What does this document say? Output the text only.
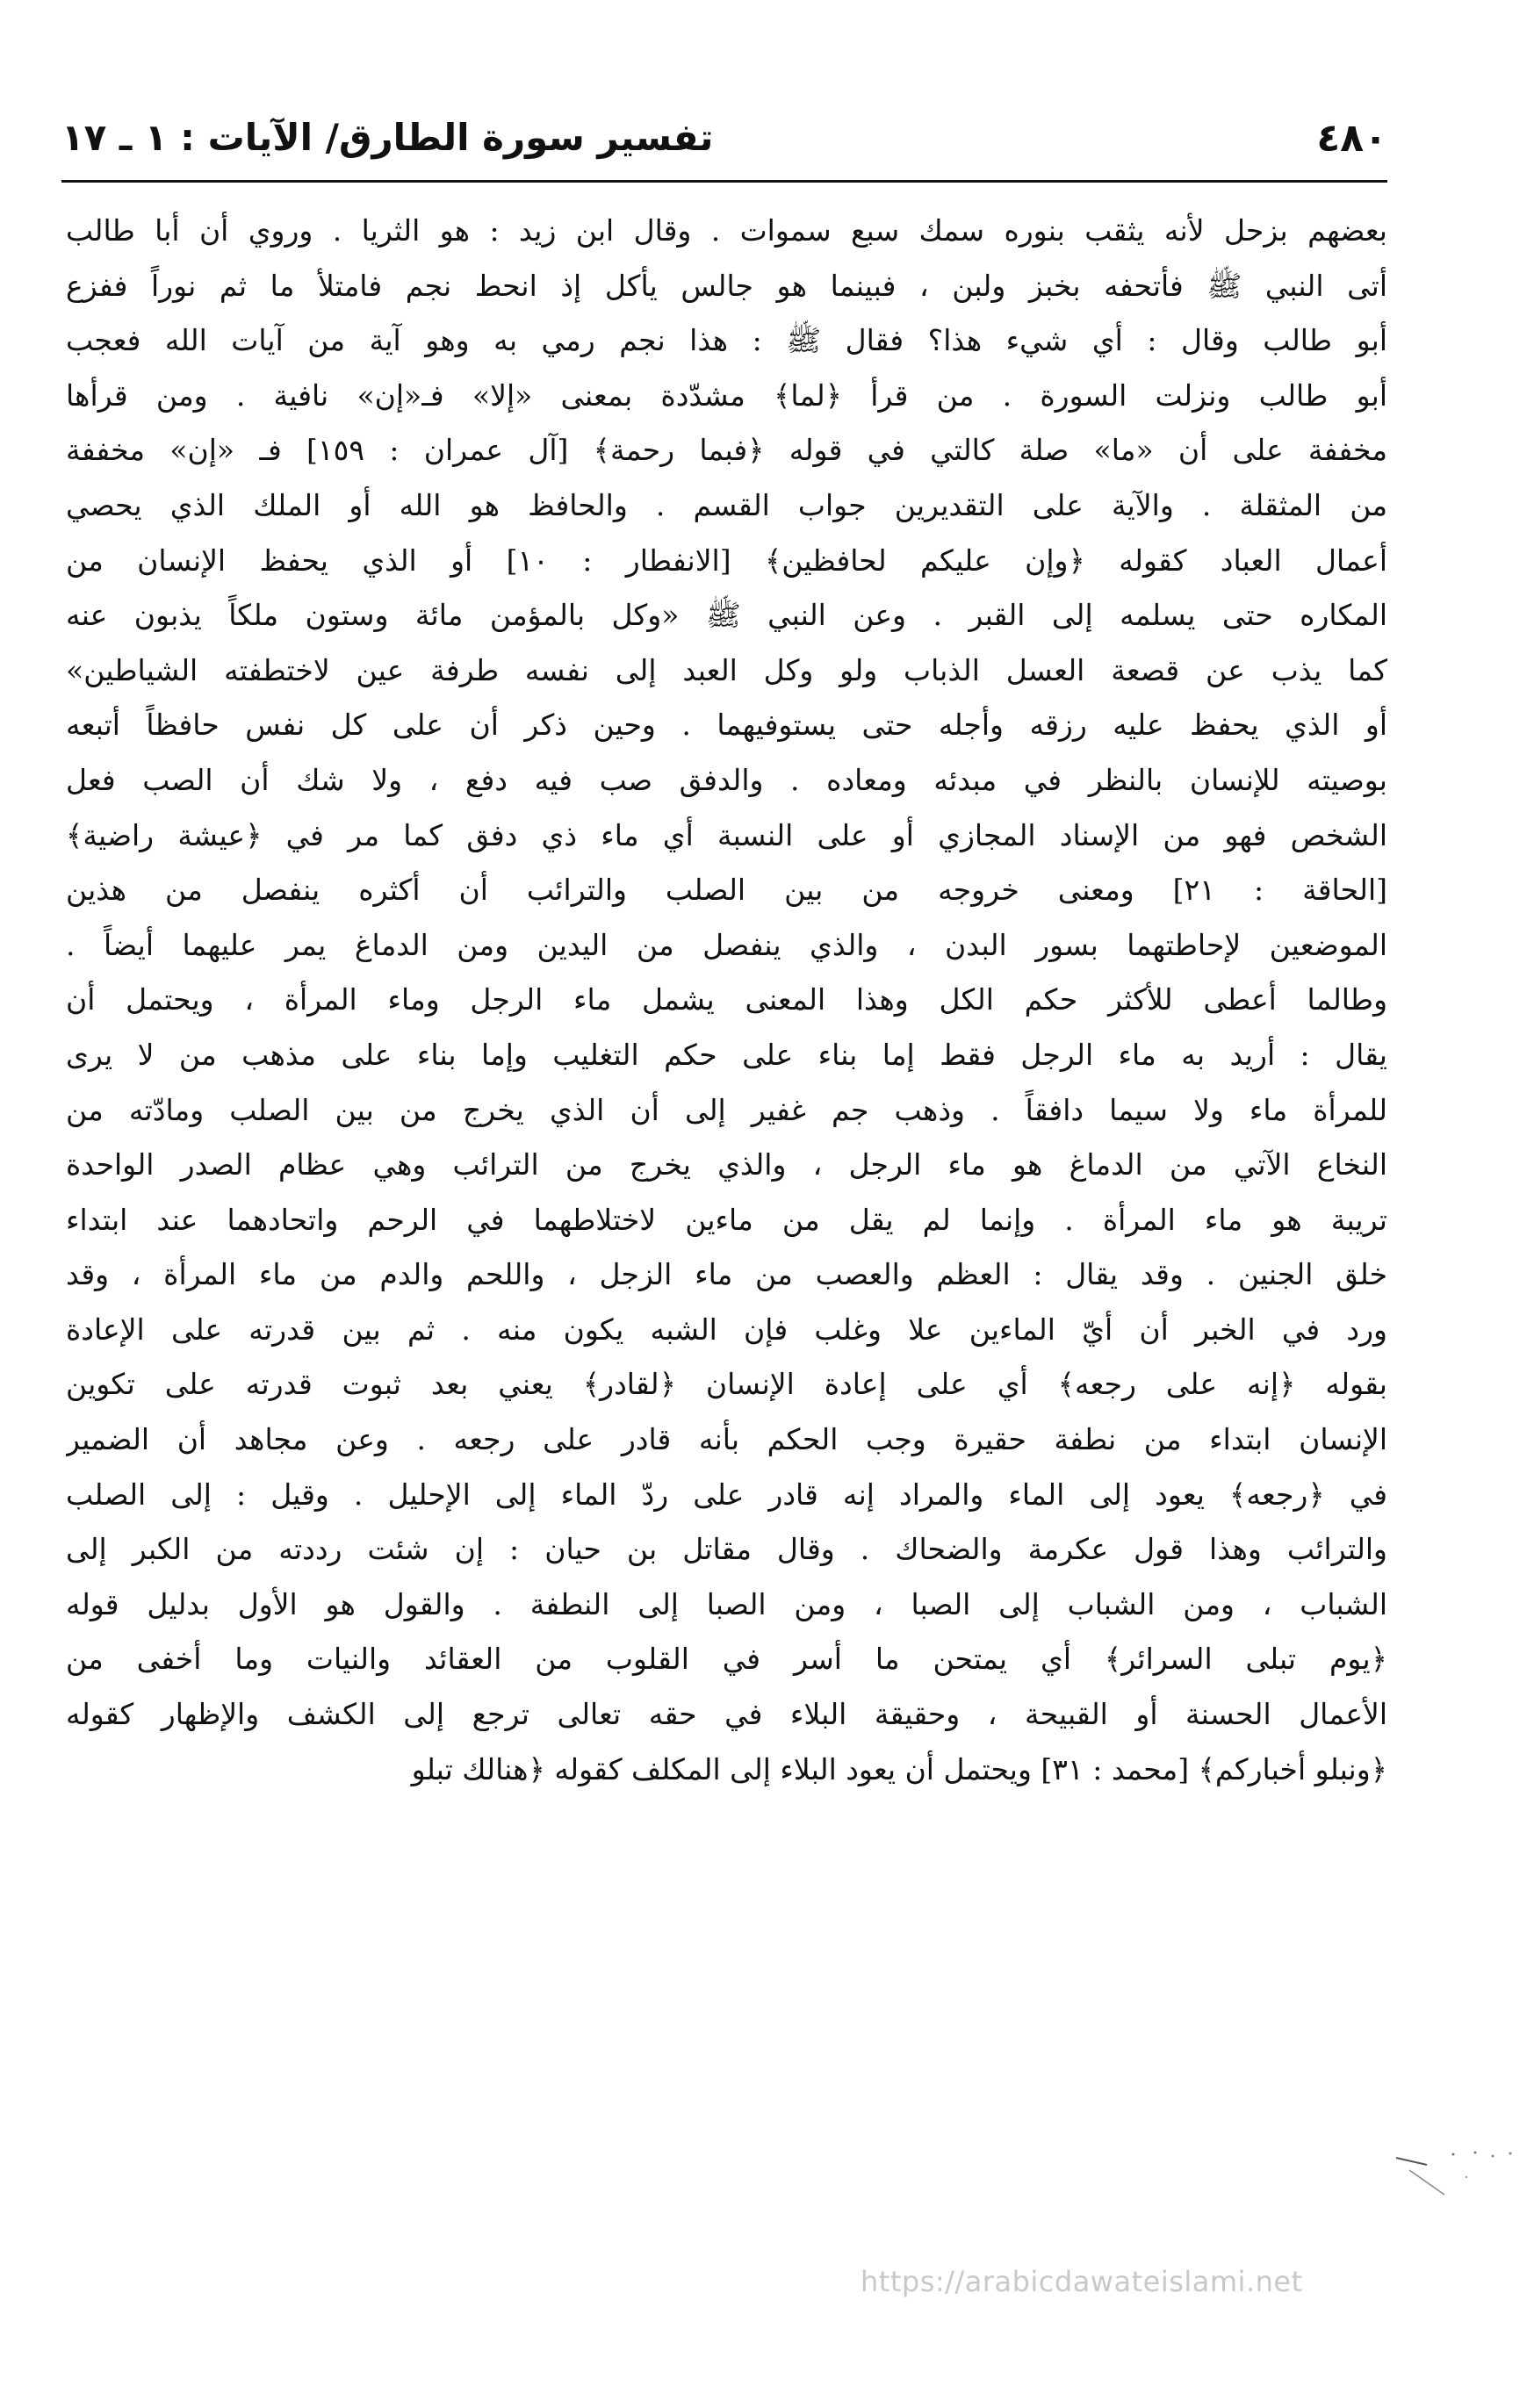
٤٨٠
تفسير سورة الطارق/ الآيات : ١ ـ ١٧
بعضهم بزحل لأنه يثقب بنوره سمك سبع سموات . وقال ابن زيد : هو الثريا . وروي أن أبا طالب
أتى النبي ﷺ فأتحفه بخبز ولبن ، فبينما هو جالس يأكل إذ انحط نجم فامتلأ ما ثم نوراً ففزع
أبو طالب وقال : أي شيء هذا؟ فقال ﷺ : هذا نجم رمي به وهو آية من آيات الله فعجب
أبو طالب ونزلت السورة . من قرأ ﴿لما﴾ مشدّدة بمعنى «إلا» فـ«إن» نافية . ومن قرأها
مخففة على أن «ما» صلة كالتي في قوله ﴿فبما رحمة﴾ [آل عمران : ١٥٩] فـ «إن» مخففة
من المثقلة . والآية على التقديرين جواب القسم . والحافظ هو الله أو الملك الذي يحصي
أعمال العباد كقوله ﴿وإن عليكم لحافظين﴾ [الانفطار : ١٠] أو الذي يحفظ الإنسان من
المكاره حتى يسلمه إلى القبر . وعن النبي ﷺ «وكل بالمؤمن مائة وستون ملكاً يذبون عنه
كما يذب عن قصعة العسل الذباب ولو وكل العبد إلى نفسه طرفة عين لاختطفته الشياطين»
أو الذي يحفظ عليه رزقه وأجله حتى يستوفيهما . وحين ذكر أن على كل نفس حافظاً أتبعه
بوصيته للإنسان بالنظر في مبدئه ومعاده . والدفق صب فيه دفع ، ولا شك أن الصب فعل
الشخص فهو من الإسناد المجازي أو على النسبة أي ماء ذي دفق كما مر في ﴿عيشة راضية﴾
[الحاقة : ٢١] ومعنى خروجه من بين الصلب والترائب أن أكثره ينفصل من هذين
الموضعين لإحاطتهما بسور البدن ، والذي ينفصل من اليدين ومن الدماغ يمر عليهما أيضاً .
وطالما أعطى للأكثر حكم الكل وهذا المعنى يشمل ماء الرجل وماء المرأة ، ويحتمل أن
يقال : أريد به ماء الرجل فقط إما بناء على حكم التغليب وإما بناء على مذهب من لا يرى
للمرأة ماء ولا سيما دافقاً . وذهب جم غفير إلى أن الذي يخرج من بين الصلب ومادّته من
النخاع الآتي من الدماغ هو ماء الرجل ، والذي يخرج من الترائب وهي عظام الصدر الواحدة
تريبة هو ماء المرأة . وإنما لم يقل من ماءين لاختلاطهما في الرحم واتحادهما عند ابتداء
خلق الجنين . وقد يقال : العظم والعصب من ماء الزجل ، واللحم والدم من ماء المرأة ، وقد
ورد في الخبر أن أيّ الماءين علا وغلب فإن الشبه يكون منه . ثم بين قدرته على الإعادة
بقوله ﴿إنه على رجعه﴾ أي على إعادة الإنسان ﴿لقادر﴾ يعني بعد ثبوت قدرته على تكوين
الإنسان ابتداء من نطفة حقيرة وجب الحكم بأنه قادر على رجعه . وعن مجاهد أن الضمير
في ﴿رجعه﴾ يعود إلى الماء والمراد إنه قادر على ردّ الماء إلى الإحليل . وقيل : إلى الصلب
والترائب وهذا قول عكرمة والضحاك . وقال مقاتل بن حيان : إن شئت رددته من الكبر إلى
الشباب ، ومن الشباب إلى الصبا ، ومن الصبا إلى النطفة . والقول هو الأول بدليل قوله
﴿يوم تبلى السرائر﴾ أي يمتحن ما أسر في القلوب من العقائد والنيات وما أخفى من
الأعمال الحسنة أو القبيحة ، وحقيقة البلاء في حقه تعالى ترجع إلى الكشف والإظهار كقوله
﴿ونبلو أخباركم﴾ [محمد : ٣١] ويحتمل أن يعود البلاء إلى المكلف كقوله ﴿هنالك تبلو
https://arabicdawateislami.net
